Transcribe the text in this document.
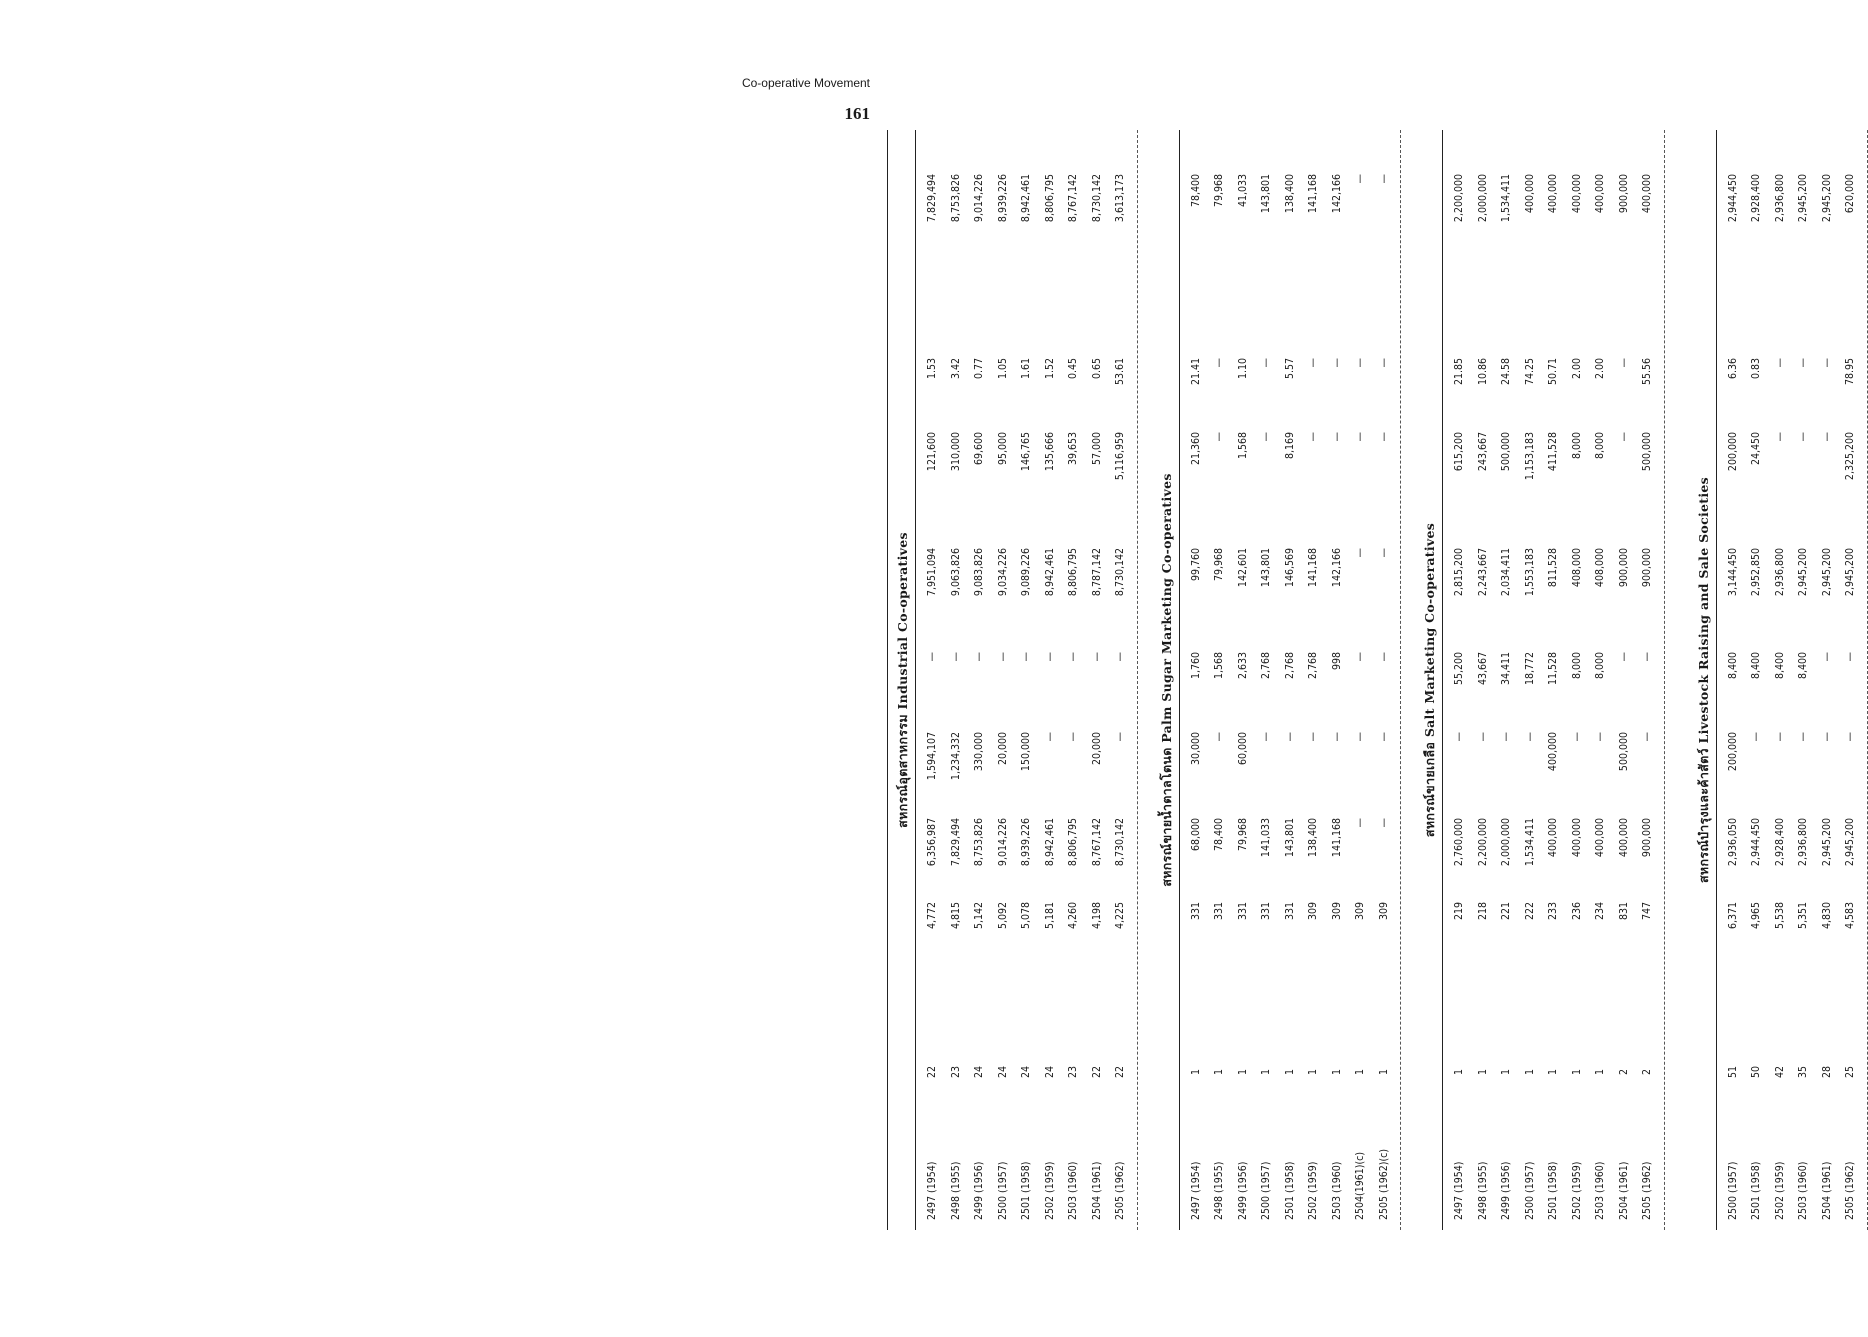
Co-operative Movement
161
สหกรณ์อุตสาหกรรม Industrial Co-operatives
2497 (1954)
22
4,772
6,356,987
1,594,107
—
7,951,094
121,600
1.53
7,829,494
2498 (1955)
23
4,815
7,829,494
1,234,332
—
9,063,826
310,000
3.42
8,753,826
2499 (1956)
24
5,142
8,753,826
330,000
—
9,083,826
69,600
0.77
9,014,226
2500 (1957)
24
5,092
9,014,226
20,000
—
9,034,226
95,000
1.05
8,939,226
2501 (1958)
24
5,078
8,939,226
150,000
—
9,089,226
146,765
1.61
8,942,461
2502 (1959)
24
5,181
8,942,461
—
—
8,942,461
135,666
1.52
8,806,795
2503 (1960)
23
4,260
8,806,795
—
—
8,806,795
39,653
0.45
8,767,142
2504 (1961)
22
4,198
8,767,142
20,000
—
8,787,142
57,000
0.65
8,730,142
2505 (1962)
22
4,225
8,730,142
—
—
8,730,142
5,116,959
53.61
3,613,173
สหกรณ์ขายน้ำตาลโตนด Palm Sugar Marketing Co-operatives
2497 (1954)
1
331
68,000
30,000
1,760
99,760
21,360
21.41
78,400
2498 (1955)
1
331
78,400
—
1,568
79,968
—
—
79,968
2499 (1956)
1
331
79,968
60,000
2,633
142,601
1,568
1.10
41,033
2500 (1957)
1
331
141,033
—
2,768
143,801
—
—
143,801
2501 (1958)
1
331
143,801
—
2,768
146,569
8,169
5.57
138,400
2502 (1959)
1
309
138,400
—
2,768
141,168
—
—
141,168
2503 (1960)
1
309
141,168
—
998
142,166
—
—
142,166
2504(1961)(c)
1
309
—
—
—
—
—
—
—
2505 (1962)(c)
1
309
—
—
—
—
—
—
—
สหกรณ์ขายเกลือ Salt Marketing Co-operatives
2497 (1954)
1
219
2,760,000
—
55,200
2,815,200
615,200
21.85
2,200,000
2498 (1955)
1
218
2,200,000
—
43,667
2,243,667
243,667
10.86
2,000,000
2499 (1956)
1
221
2,000,000
—
34,411
2,034,411
500,000
24.58
1,534,411
2500 (1957)
1
222
1,534,411
—
18,772
1,553,183
1,153,183
74.25
400,000
2501 (1958)
1
233
400,000
400,000
11,528
811,528
411,528
50.71
400,000
2502 (1959)
1
236
400,000
—
8,000
408,000
8,000
2.00
400,000
2503 (1960)
1
234
400,000
—
8,000
408,000
8,000
2.00
400,000
2504 (1961)
2
831
400,000
500,000
—
900,000
—
—
900,000
2505 (1962)
2
747
900,000
—
—
900,000
500,000
55.56
400,000
สหกรณ์บำรุงและค้าสัตว์ Livestock Raising and Sale Societies
2500 (1957)
51
6,371
2,936,050
200,000
8,400
3,144,450
200,000
6.36
2,944,450
2501 (1958)
50
4,965
2,944,450
—
8,400
2,952,850
24,450
0.83
2,928,400
2502 (1959)
42
5,538
2,928,400
—
8,400
2,936,800
—
—
2,936,800
2503 (1960)
35
5,351
2,936,800
—
8,400
2,945,200
—
—
2,945,200
2504 (1961)
28
4,830
2,945,200
—
—
2,945,200
—
—
2,945,200
2505 (1962)
25
4,583
2,945,200
—
—
2,945,200
2,325,200
78.95
620,000
